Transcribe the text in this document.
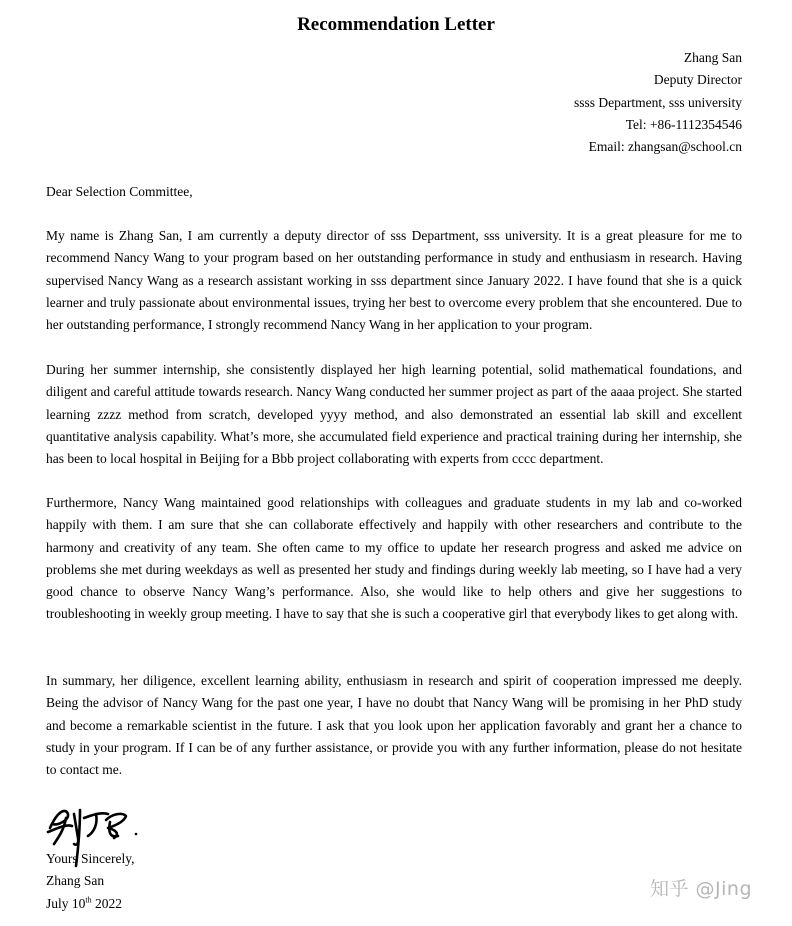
Recommendation Letter
Zhang San
Deputy Director
ssss Department, sss university
Tel: +86-1112354546
Email: zhangsan@school.cn
Dear Selection Committee,

My name is Zhang San, I am currently a deputy director of sss Department, sss university. It is a great pleasure for me to recommend Nancy Wang to your program based on her outstanding performance in study and enthusiasm in research. Having supervised Nancy Wang as a research assistant working in sss department since January 2022. I have found that she is a quick learner and truly passionate about environmental issues, trying her best to overcome every problem that she encountered. Due to her outstanding performance, I strongly recommend Nancy Wang in her application to your program.

During her summer internship, she consistently displayed her high learning potential, solid mathematical foundations, and diligent and careful attitude towards research. Nancy Wang conducted her summer project as part of the aaaa project. She started learning zzzz method from scratch, developed yyyy method, and also demonstrated an essential lab skill and excellent quantitative analysis capability. What’s more, she accumulated field experience and practical training during her internship, she has been to local hospital in Beijing for a Bbb project collaborating with experts from cccc department.

Furthermore, Nancy Wang maintained good relationships with colleagues and graduate students in my lab and co-worked happily with them. I am sure that she can collaborate effectively and happily with other researchers and contribute to the harmony and creativity of any team. She often came to my office to update her research progress and asked me advice on problems she met during weekdays as well as presented her study and findings during weekly lab meeting, so I have had a very good chance to observe Nancy Wang’s performance. Also, she would like to help others and give her suggestions to troubleshooting in weekly group meeting. I have to say that she is such a cooperative girl that everybody likes to get along with.

In summary, her diligence, excellent learning ability, enthusiasm in research and spirit of cooperation impressed me deeply. Being the advisor of Nancy Wang for the past one year, I have no doubt that Nancy Wang will be promising in her PhD study and become a remarkable scientist in the future. I ask that you look upon her application favorably and grant her a chance to study in your program. If I can be of any further assistance, or provide you with any further information, please do not hesitate to contact me.

Yours Sincerely,
Zhang San
July 10th 2022
知乎 @Jing
